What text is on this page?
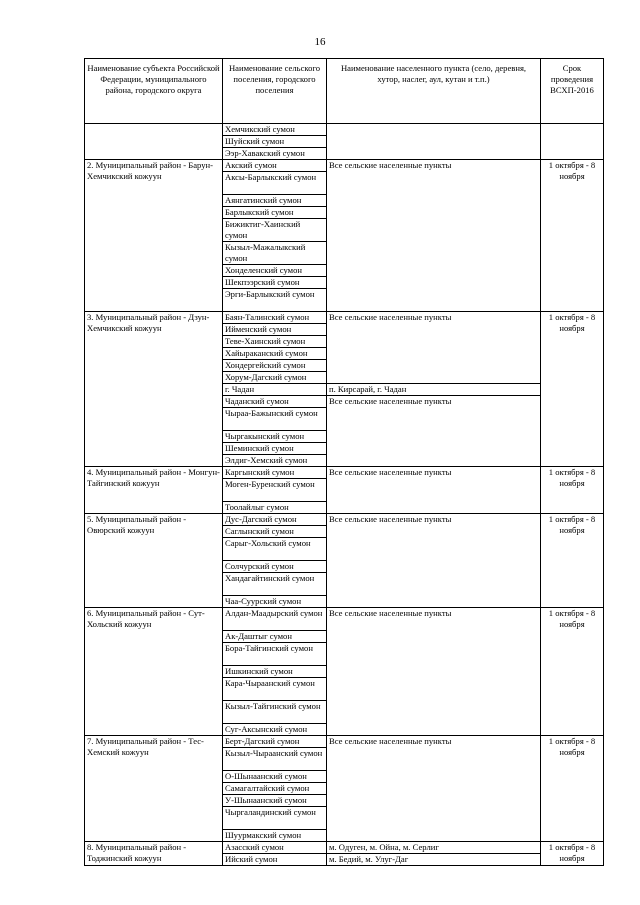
16
Наименование субъекта Российской Федерации, муниципального района, городского округа	Наименование сельского поселения, городского поселения	Наименование населенного пункта (село, деревня, хутор, наслег, аул, кутан и т.п.)	Срок проведения ВСХП-2016
	Хемчикский сумон		
	Шуйский сумон		
	Ээр-Хавакский сумон		
2. Муниципальный район - Барун-Хемчикский кожуун	Акский сумон	Все сельские населенные пункты	1 октября - 8 ноября
	Аксы-Барлыкский сумон		
	Аянгатинский сумон		
	Барлыкский сумон		
	Бижиктиг-Хаинский сумон		
	Кызыл-Мажалыкский сумон		
	Хонделенский сумон		
	Шекпээрский сумон		
	Эрги-Барлыкский сумон		
3. Муниципальный район - Дзун-Хемчикский кожуун	Баян-Талинский сумон	Все сельские населенные пункты	1 октября - 8 ноября
	Ийменский сумон		
	Теве-Хаинский сумон		
	Хайыраканский сумон		
	Хондергейский сумон		
	Хорум-Дагский сумон		
	г. Чадан	п. Кирсарай, г. Чадан	
	Чаданский сумон	Все сельские населенные пункты	
	Чыраа-Бажынский сумон		
	Чыргакынский сумон		
	Шеминский сумон		
	Элдиг-Хемский сумон		
4. Муниципальный район - Монгун-Тайгинский кожуун	Каргынский сумон	Все сельские населенные пункты	1 октября - 8 ноября
	Моген-Буренский сумон		
	Тоолайлыг сумон		
5. Муниципальный район - Овюрский кожуун	Дус-Дагский сумон	Все сельские населенные пункты	1 октября - 8 ноября
	Саглынский сумон		
	Сарыг-Хольский сумон		
	Солчурский сумон		
	Хандагайтинский сумон		
	Чаа-Суурский сумон		
6. Муниципальный район - Сут-Хольский кожуун	Алдан-Маадырский сумон	Все сельские населенные пункты	1 октября - 8 ноября
	Ак-Даштыг сумон		
	Бора-Тайгинский сумон		
	Ишкинский сумон		
	Кара-Чыраанский сумон		
	Кызыл-Тайгинский сумон		
	Суг-Аксынский сумон		
7. Муниципальный район - Тес-Хемский кожуун	Берт-Дагский сумон	Все сельские населенные пункты	1 октября - 8 ноября
	Кызыл-Чыраанский сумон		
	О-Шынаанский сумон		
	Самагалтайский сумон		
	У-Шынаанский сумон		
	Чыргаландинский сумон		
	Шуурмакский сумон		
8. Муниципальный район - Тоджинский кожуун	Азасский сумон	м. Одуген, м. Ойна, м. Серлиг	1 октября - 8 ноября
	Ийский сумон	м. Бедий, м. Улуг-Даг	
